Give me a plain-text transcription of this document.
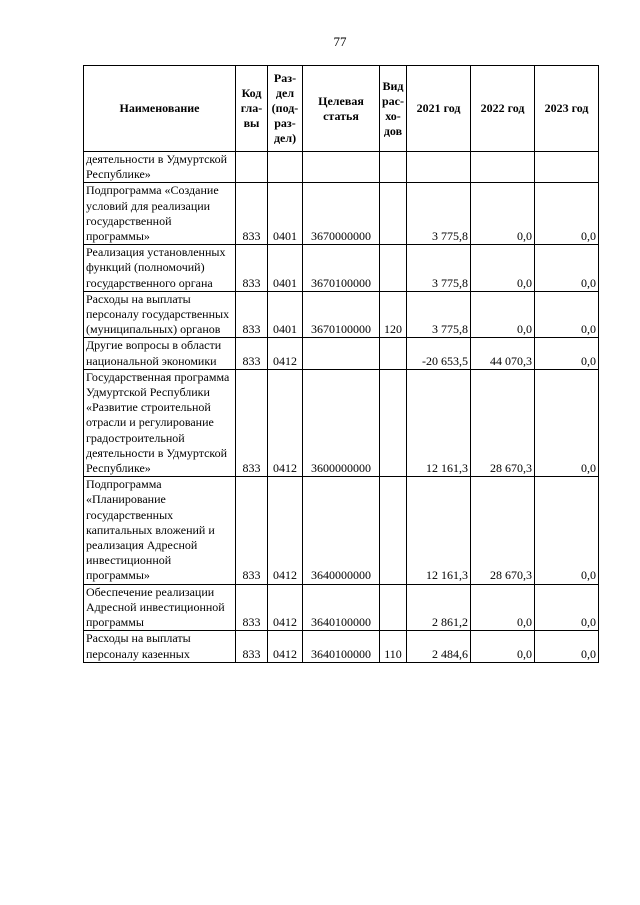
77
Наименование	Код гла- вы	Раз- дел (под- раз- дел)	Целевая статья	Вид рас- хо- дов	2021 год	2022 год	2023 год
деятельности в Удмуртской Республике»							
Подпрограмма «Создание условий для реализации государственной программы»	833	0401	3670000000		3 775,8	0,0	0,0
Реализация установленных функций (полномочий) государственного органа	833	0401	3670100000		3 775,8	0,0	0,0
Расходы на выплаты персоналу государственных (муниципальных) органов	833	0401	3670100000	120	3 775,8	0,0	0,0
Другие вопросы в области национальной экономики	833	0412			-20 653,5	44 070,3	0,0
Государственная программа Удмуртской Республики «Развитие строительной отрасли и регулирование градостроительной деятельности в Удмуртской Республике»	833	0412	3600000000		12 161,3	28 670,3	0,0
Подпрограмма «Планирование государственных капитальных вложений и реализация Адресной инвестиционной программы»	833	0412	3640000000		12 161,3	28 670,3	0,0
Обеспечение реализации Адресной инвестиционной программы	833	0412	3640100000		2 861,2	0,0	0,0
Расходы на выплаты персоналу казенных	833	0412	3640100000	110	2 484,6	0,0	0,0
